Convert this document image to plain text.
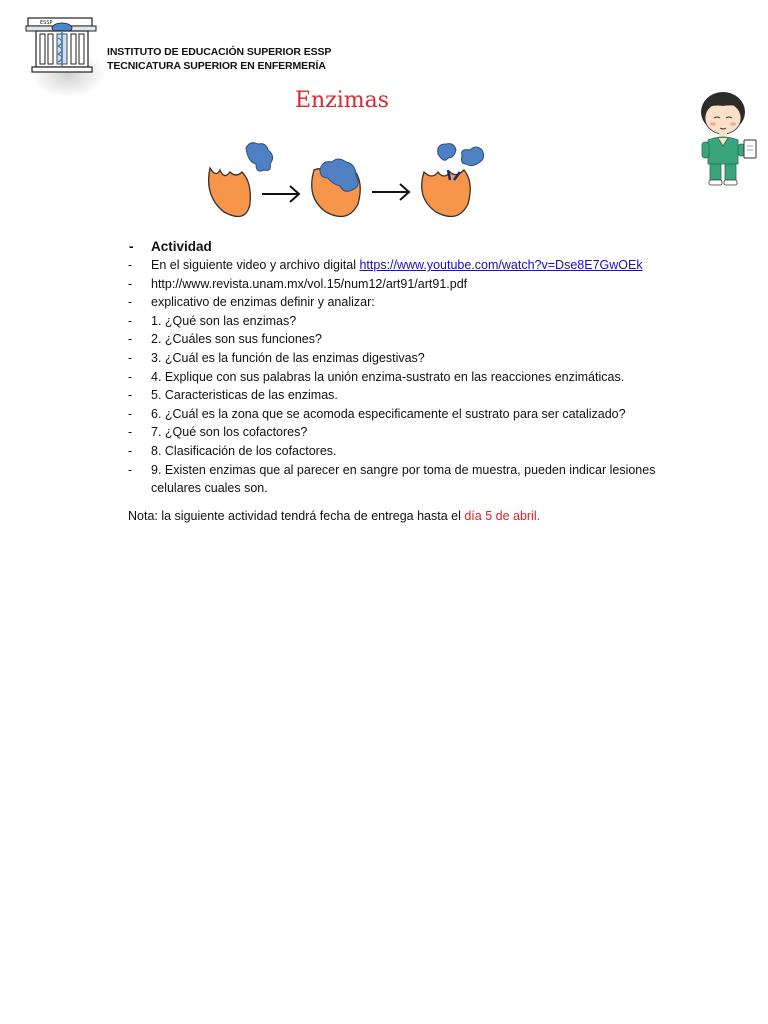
ESSP
INSTITUTO DE EDUCACIÓN SUPERIOR ESSP
TECNICATURA SUPERIOR EN ENFERMERÍA
Enzimas
- Actividad
- En el siguiente video y archivo digital https://www.youtube.com/watch?v=Dse8E7GwOEk
- http://www.revista.unam.mx/vol.15/num12/art91/art91.pdf
- explicativo de enzimas definir y analizar:
- 1. ¿Qué son las enzimas?
- 2. ¿Cuáles son sus funciones?
- 3. ¿Cuál es la función de las enzimas digestivas?
- 4. Explique con sus palabras la unión enzima-sustrato en las reacciones enzimáticas.
- 5. Caracteristicas de las enzimas.
- 6. ¿Cuál es la zona que se acomoda especificamente el sustrato para ser catalizado?
- 7. ¿Qué son los cofactores?
- 8. Clasificación de los cofactores.
- 9. Existen enzimas que al parecer en sangre por toma de muestra, pueden indicar lesiones celulares cuales son.
Nota: la siguiente actividad tendrá fecha de entrega hasta el día 5 de abril.
